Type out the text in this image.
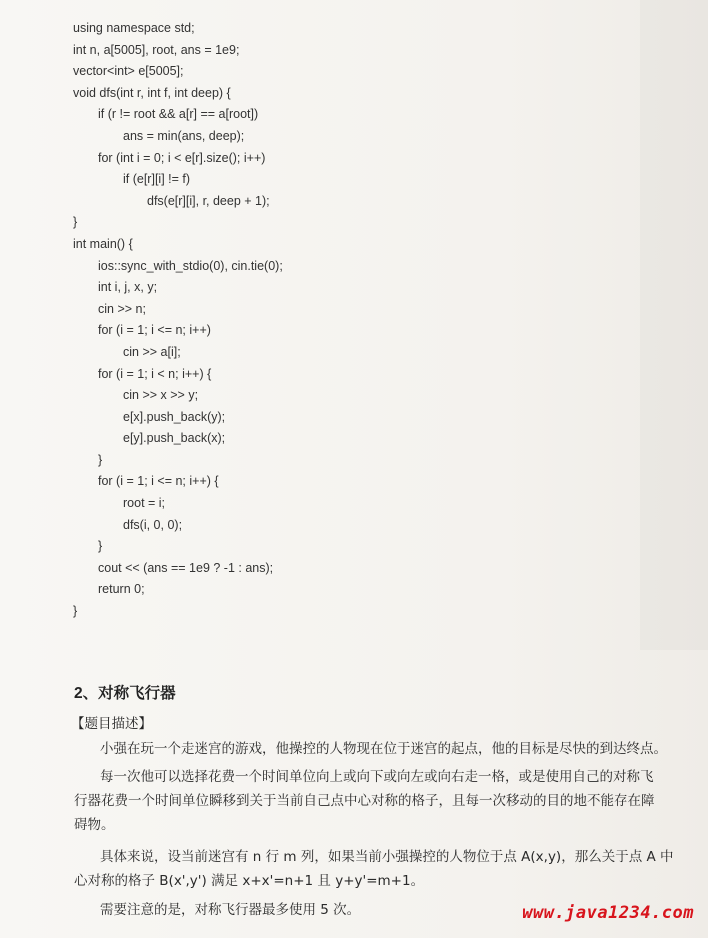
using namespace std;
int n, a[5005], root, ans = 1e9;
vector<int> e[5005];
void dfs(int r, int f, int deep) {
if (r != root && a[r] == a[root])
ans = min(ans, deep);
for (int i = 0; i < e[r].size(); i++)
if (e[r][i] != f)
dfs(e[r][i], r, deep + 1);
}
int main() {
ios::sync_with_stdio(0), cin.tie(0);
int i, j, x, y;
cin >> n;
for (i = 1; i <= n; i++)
cin >> a[i];
for (i = 1; i < n; i++) {
cin >> x >> y;
e[x].push_back(y);
e[y].push_back(x);
}
for (i = 1; i <= n; i++) {
root = i;
dfs(i, 0, 0);
}
cout << (ans == 1e9 ? -1 : ans);
return 0;
}
2、对称飞行器
【题目描述】
小强在玩一个走迷宫的游戏，他操控的人物现在位于迷宫的起点，他的目标是尽快的到达终点。
每一次他可以选择花费一个时间单位向上或向下或向左或向右走一格，或是使用自己的对称飞
行器花费一个时间单位瞬移到关于当前自己点中心对称的格子，且每一次移动的目的地不能存在障
碍物。
具体来说，设当前迷宫有 n 行 m 列，如果当前小强操控的人物位于点 A(x,y)，那么关于点 A 中
心对称的格子 B(x',y') 满足 x+x'=n+1 且 y+y'=m+1。
需要注意的是，对称飞行器最多使用 5 次。	www.java1234.com
